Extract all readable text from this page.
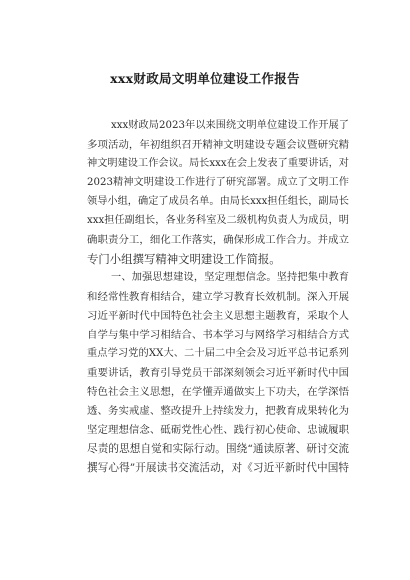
xxx财政局文明单位建设工作报告
xxx财政局2023年以来围绕文明单位建设工作开展了
多项活动，年初组织召开精神文明建设专题会议暨研究精
神文明建设工作会议。局长xxx在会上发表了重要讲话，对
2023精神文明建设工作进行了研究部署。成立了文明工作
领导小组，确定了成员名单。由局长xxx担任组长，副局长
xxx担任副组长，各业务科室及二级机构负责人为成员，明
确职责分工，细化工作落实，确保形成工作合力。并成立
专门小组撰写精神文明建设工作简报。
一、加强思想建设，坚定理想信念。坚持把集中教育
和经常性教育相结合，建立学习教育长效机制。深入开展
习近平新时代中国特色社会主义思想主题教育，采取个人
自学与集中学习相结合、书本学习与网络学习相结合方式
重点学习党的XX大、二十届二中全会及习近平总书记系列
重要讲话，教育引导党员干部深刻领会习近平新时代中国
特色社会主义思想，在学懂弄通做实上下功夫，在学深悟
透、务实戒虚、整改提升上持续发力，把教育成果转化为
坚定理想信念、砥砺党性心性、践行初心使命、忠诚履职
尽责的思想自觉和实际行动。围绕“通读原著、研讨交流
撰写心得”开展读书交流活动，对《习近平新时代中国特
